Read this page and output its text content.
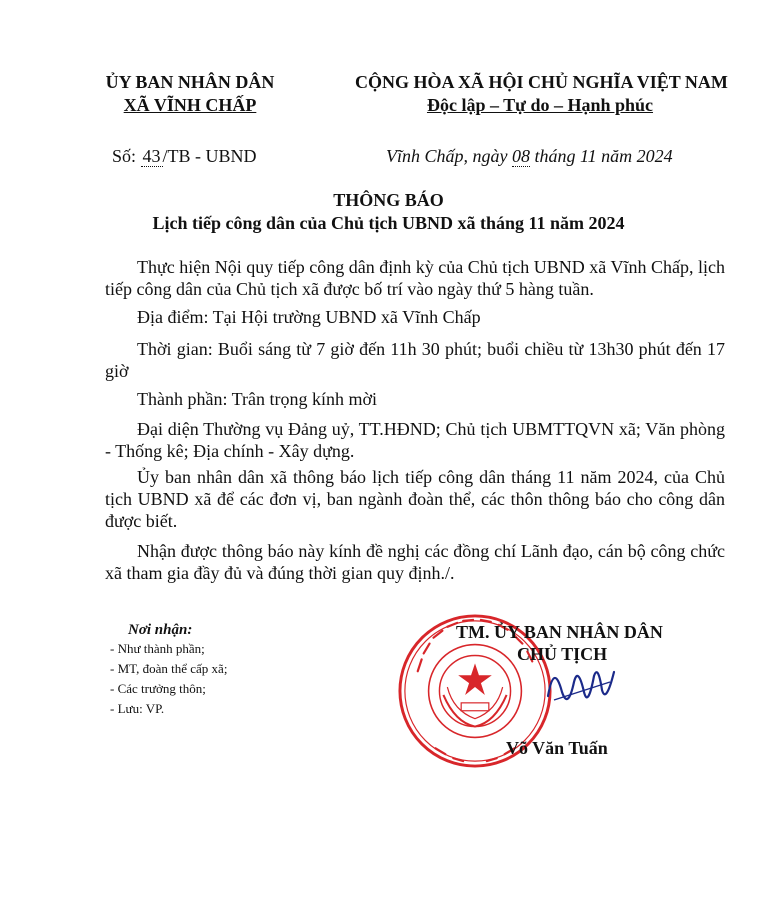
ỦY BAN NHÂN DÂN
XÃ VĨNH CHẤP
CỘNG HÒA XÃ HỘI CHỦ NGHĨA VIỆT NAM
Độc lập – Tự do – Hạnh phúc
Số: 43 /TB - UBND	Vĩnh Chấp, ngày 08 tháng 11 năm 2024
THÔNG BÁO
Lịch tiếp công dân của Chủ tịch UBND xã tháng 11 năm 2024
Thực hiện Nội quy tiếp công dân định kỳ của Chủ tịch UBND xã Vĩnh Chấp, lịch tiếp công dân của Chủ tịch xã được bố trí vào ngày thứ 5 hàng tuần.
Địa điểm: Tại Hội trường UBND xã Vĩnh Chấp
Thời gian: Buổi sáng từ 7 giờ đến 11h 30 phút; buổi chiều từ 13h30 phút đến 17 giờ
Thành phần: Trân trọng kính mời
Đại diện Thường vụ Đảng uỷ, TT.HĐND; Chủ tịch UBMTTQVN xã; Văn phòng - Thống kê; Địa chính - Xây dựng.
Ủy ban nhân dân xã thông báo lịch tiếp công dân tháng 11 năm 2024, của Chủ tịch UBND xã để các đơn vị, ban ngành đoàn thể, các thôn thông báo cho công dân được biết.
Nhận được thông báo này kính đề nghị các đồng chí Lãnh đạo, cán bộ công chức xã tham gia đầy đủ và đúng thời gian quy định./.
Nơi nhận:
- Như thành phần;
- MT, đoàn thể cấp xã;
- Các trưởng thôn;
- Lưu: VP.
TM. ỦY BAN NHÂN DÂN
CHỦ TỊCH
Võ Văn Tuấn
